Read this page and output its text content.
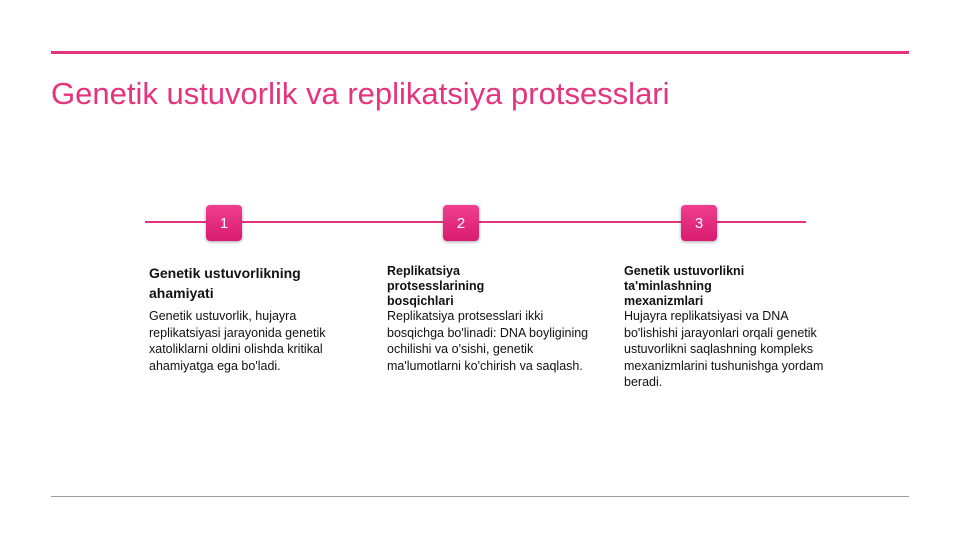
Genetik ustuvorlik va replikatsiya protsesslari
1	2	3
Genetik ustuvorlikning ahamiyati
Replikatsiya protsesslarining bosqichlari
Genetik ustuvorlikni ta'minlashning mexanizmlari
Genetik ustuvorlik, hujayra replikatsiyasi jarayonida genetik xatoliklarni oldini olishda kritikal ahamiyatga ega bo'ladi.
Replikatsiya protsesslari ikki bosqichga bo'linadi: DNA boyligining ochilishi va o'sishi, genetik ma'lumotlarni ko'chirish va saqlash.
Hujayra replikatsiyasi va DNA bo'lishishi jarayonlari orqali genetik ustuvorlikni saqlashning kompleks mexanizmlarini tushunishga yordam beradi.
